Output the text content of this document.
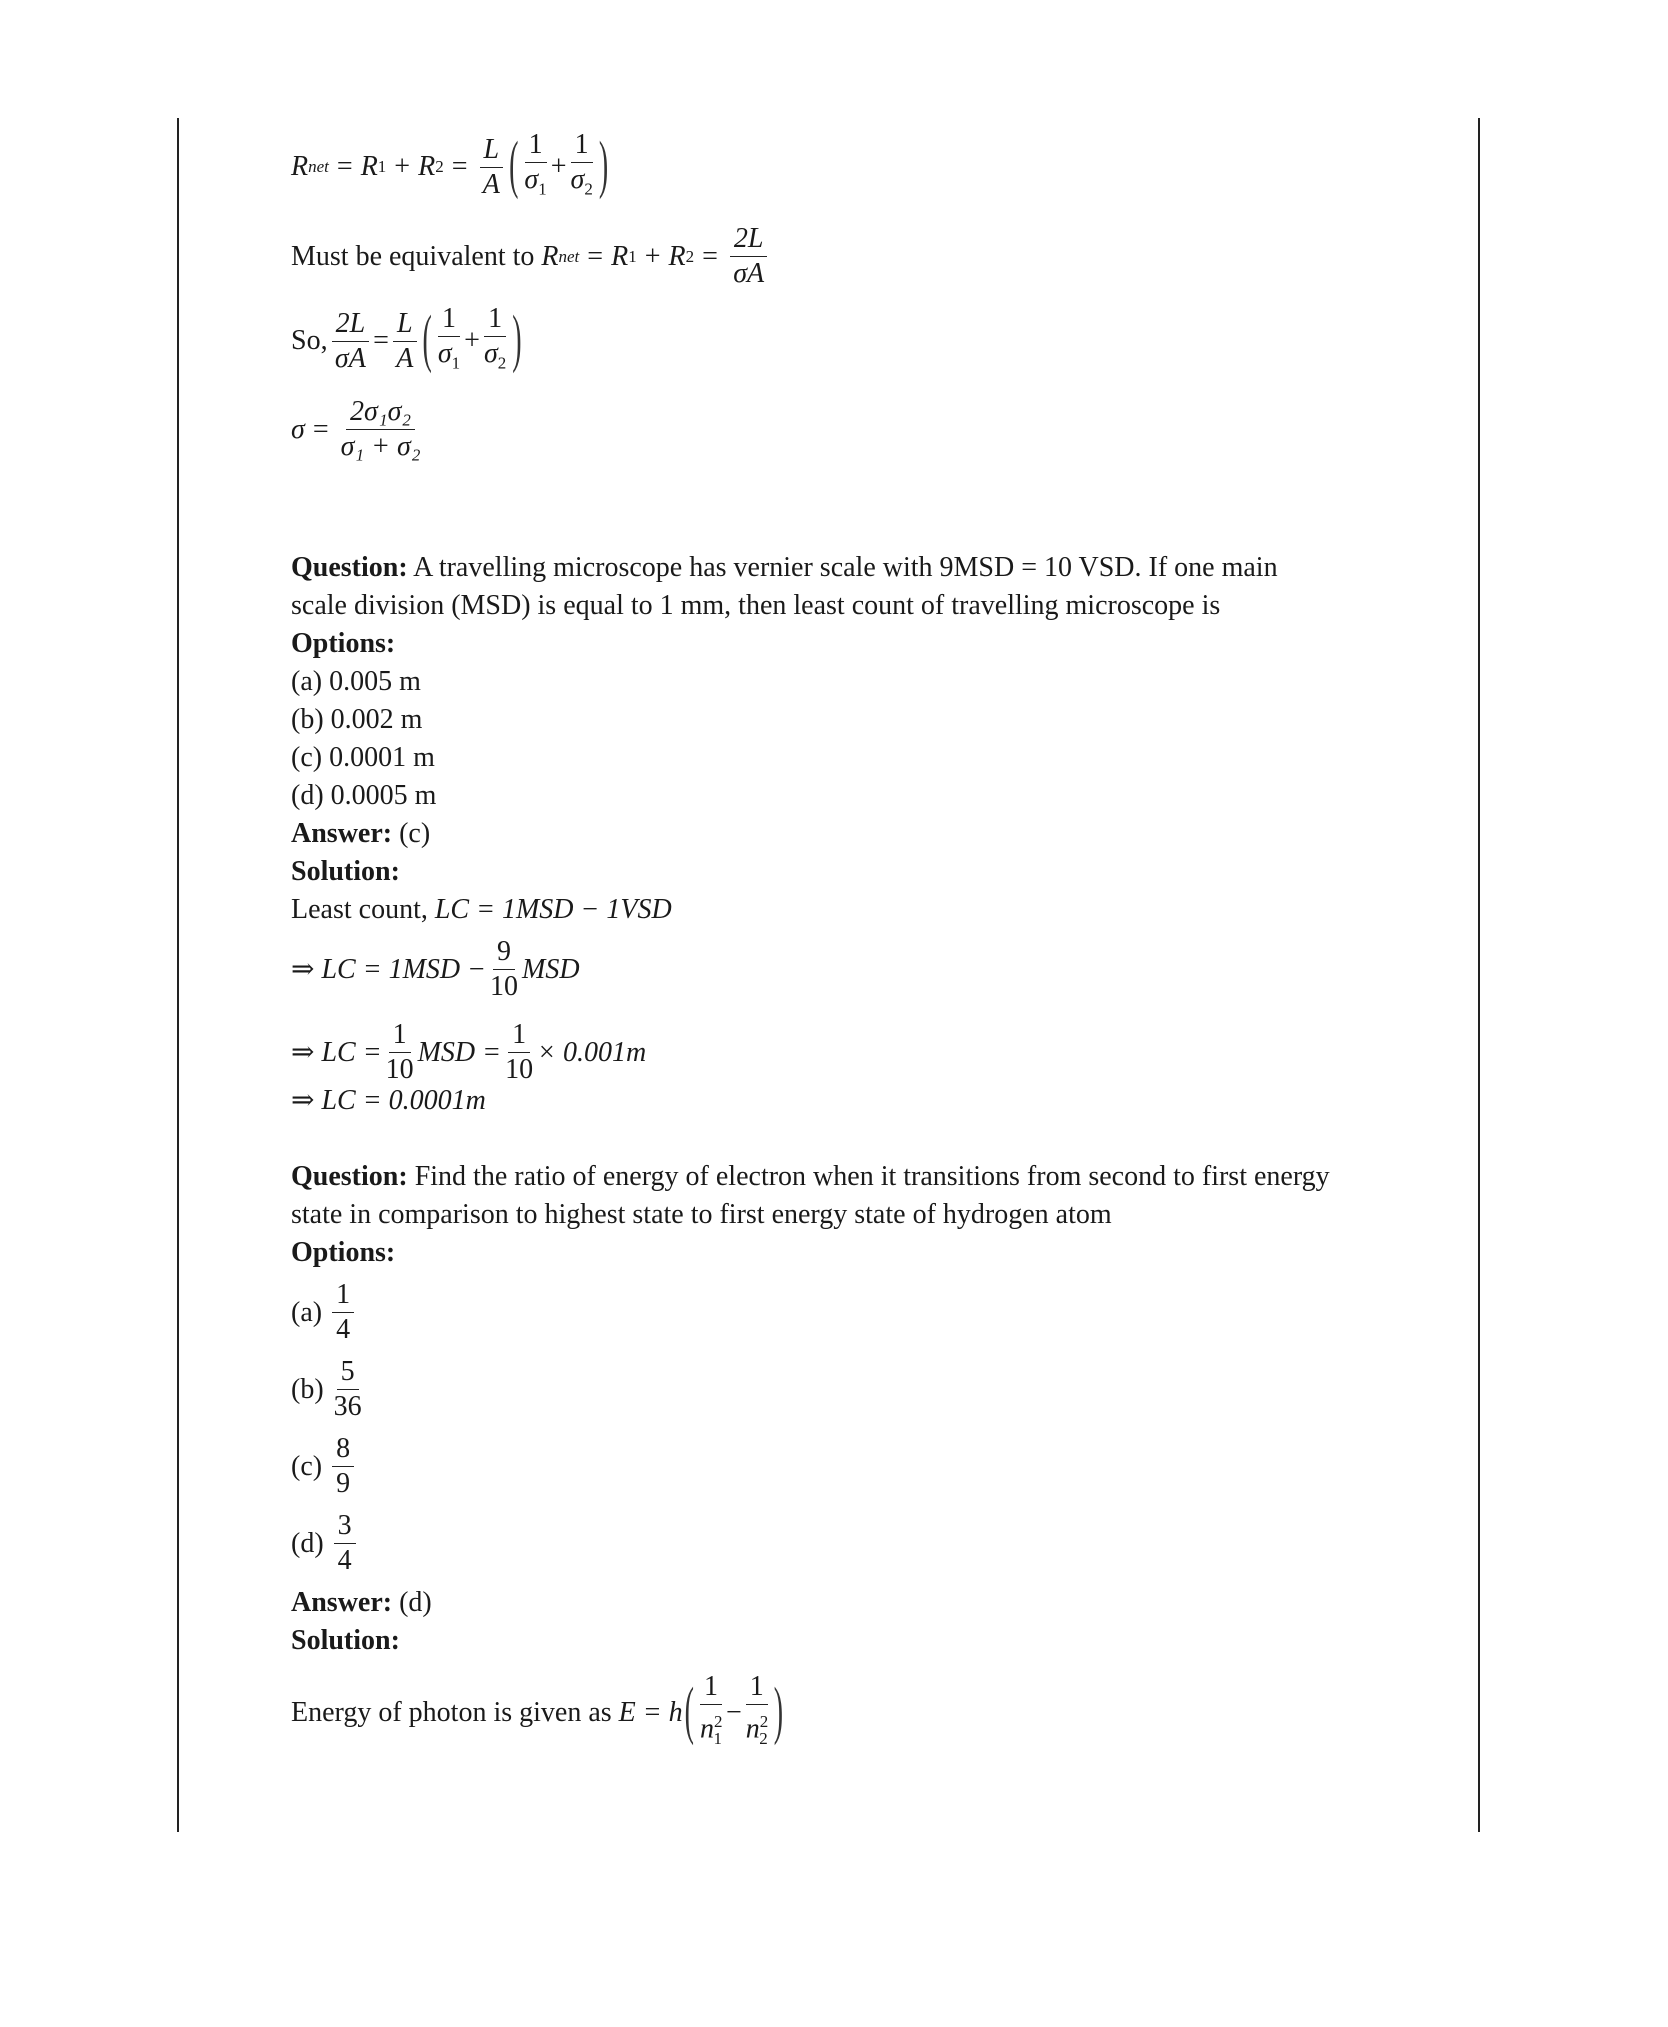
R net = R 1 + R $2 = \frac{L}{A}$ ( $\frac{1}{\sigma_1} + \frac{1}{\sigma_2}$ )
Must be equivalent to
R net = R 1 + R $2 = \frac{2L}{\sigma A}$
So, $\frac{2L}{\sigma A} = \frac{L}{A}$ ( $\frac{1}{\sigma_1} + \frac{1}{\sigma_2}$ )
$\sigma = \frac{\text{2σ₁σ₂}}{\text{σ₁ + σ₂}}$
Question: A travelling microscope has vernier scale with 9MSD = 10 VSD. If one main
scale division (MSD) is equal to 1 mm, then least count of travelling microscope is
Options:
(a) 0.005 m
(b) 0.002 m
(c) 0.0001 m
(d) 0.0005 m
Answer: (c)
Solution:
Least count, LC = 1MSD − 1VSD
⇒ LC = $1MSD - \frac{9}{10}$ MSD
⇒ LC = $\frac{1}{10}$ MSD = $\frac{1}{10} \times 0.001m$
⇒ LC = 0.0001m
Question: Find the ratio of energy of electron when it transitions from second to first energy
state in comparison to highest state to first energy state of hydrogen atom
Options:
$(a) \frac{1}{4}$
$(b) \frac{5}{36}$
$(c) \frac{8}{9}$
$(d) \frac{3}{4}$
Answer: (d)
Solution:
Energy of photon is given as
E = h ( $\frac{1}{n^2_1} - \frac{1}{n^2_2}$ )
